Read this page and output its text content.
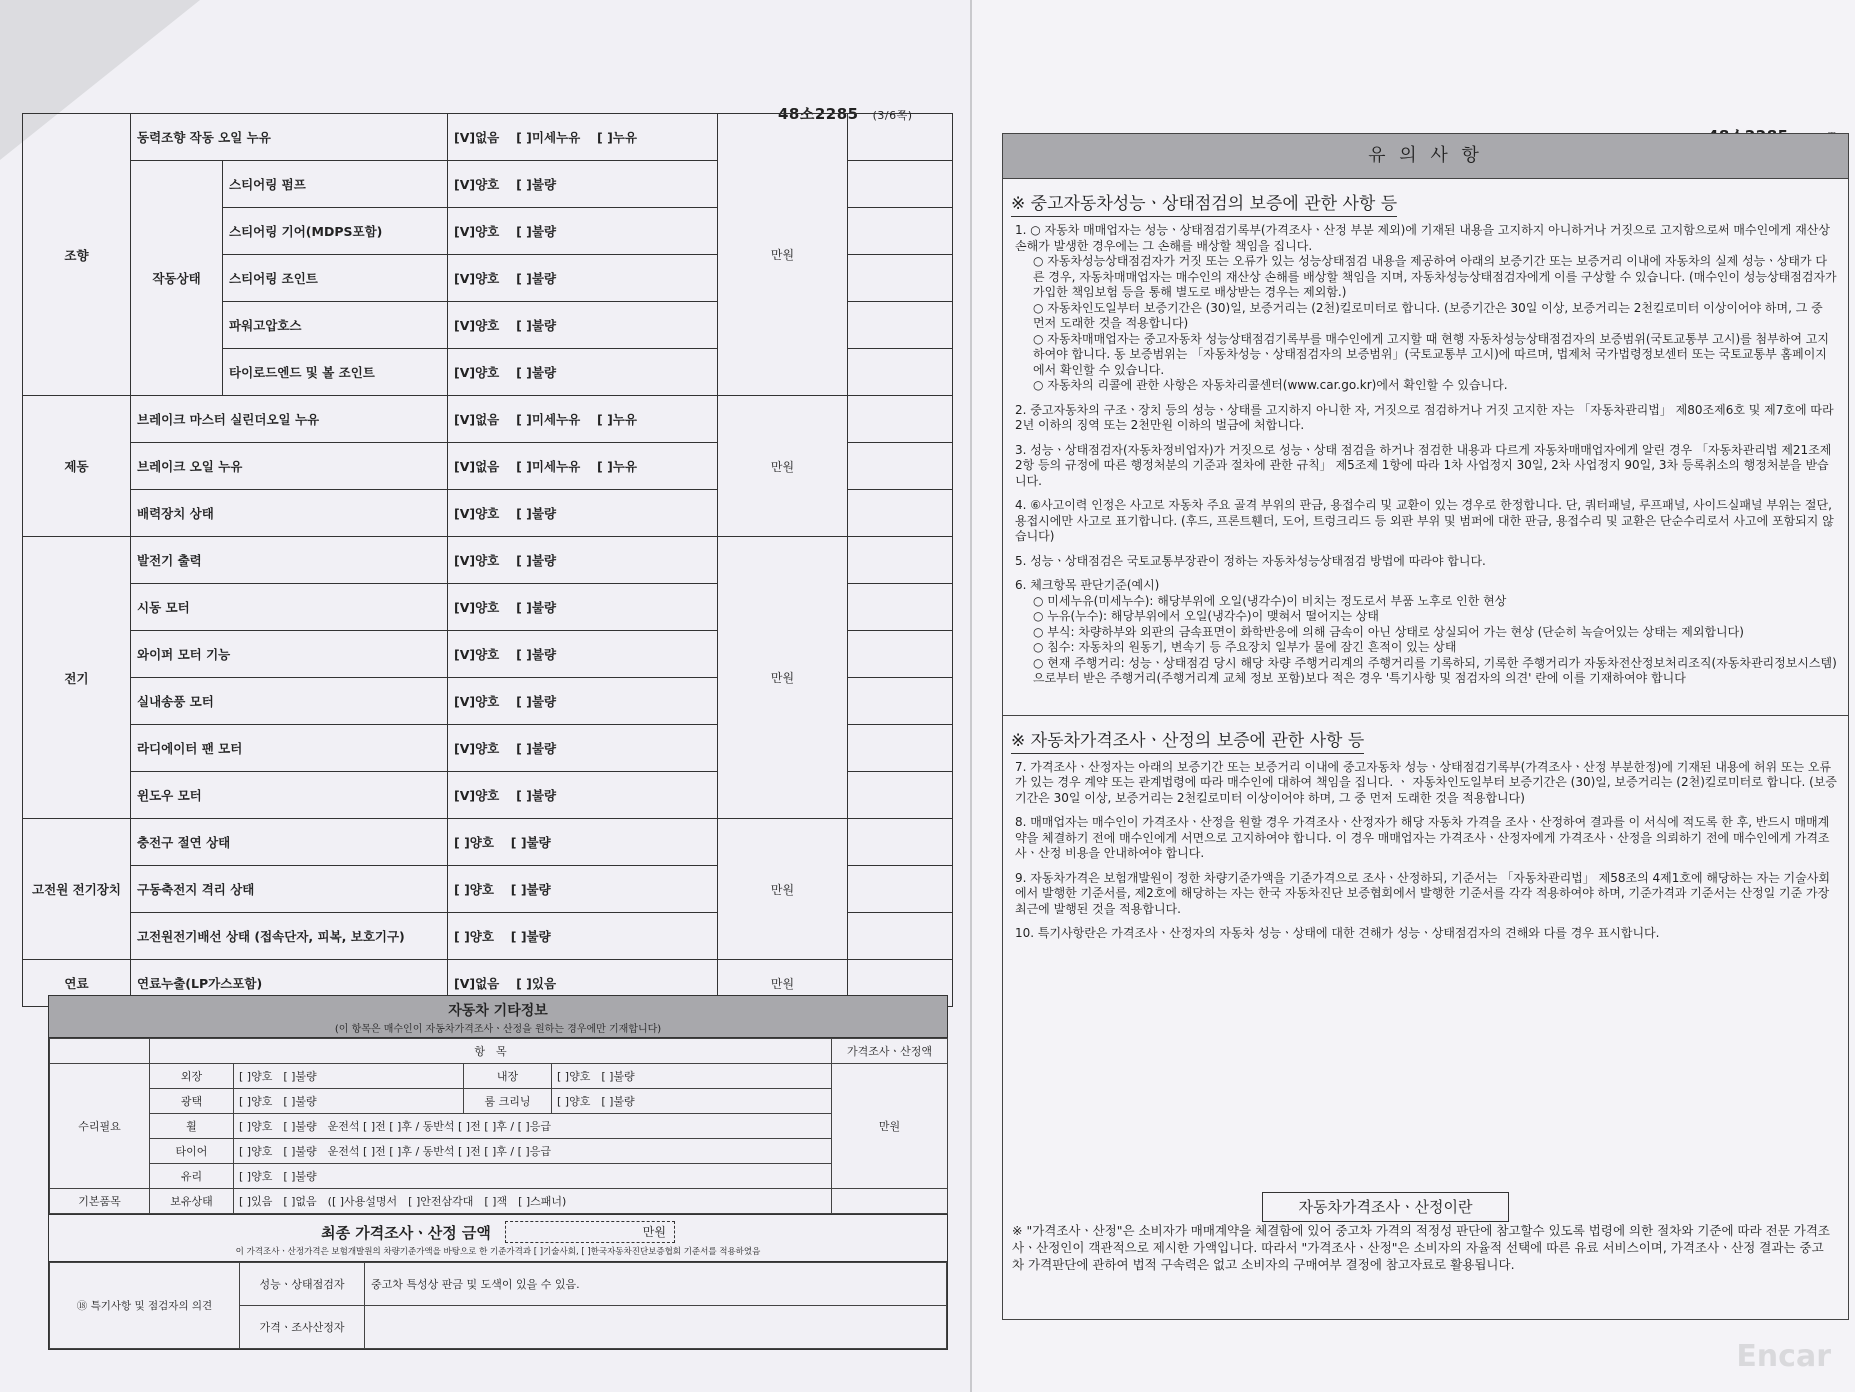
48소2285 (3/6쪽)
조향	동력조향 작동 오일 누유		[V]없음　 [ ]미세누유　 [ ]누유	만원	
	작동상태	스티어링 펌프	[V]양호　 [ ]불량		
		스티어링 기어(MDPS포함)	[V]양호　 [ ]불량		
		스티어링 조인트	[V]양호　 [ ]불량		
		파워고압호스	[V]양호　 [ ]불량		
		타이로드엔드 및 볼 조인트	[V]양호　 [ ]불량		
제동	브레이크 마스터 실린더오일 누유		[V]없음　 [ ]미세누유　 [ ]누유	만원	
	브레이크 오일 누유		[V]없음　 [ ]미세누유　 [ ]누유		
	배력장치 상태		[V]양호　 [ ]불량		
전기	발전기 출력		[V]양호　 [ ]불량	만원	
	시동 모터		[V]양호　 [ ]불량		
	와이퍼 모터 기능		[V]양호　 [ ]불량		
	실내송풍 모터		[V]양호　 [ ]불량		
	라디에이터 팬 모터		[V]양호　 [ ]불량		
	윈도우 모터		[V]양호　 [ ]불량		
고전원 전기장치	충전구 절연 상태		[ ]양호　 [ ]불량	만원	
	구동축전지 격리 상태		[ ]양호　 [ ]불량		
	고전원전기배선 상태 (접속단자, 피복, 보호기구)		[ ]양호　 [ ]불량		
연료	연료누출(LP가스포함)		[V]없음　 [ ]있음	만원	
자동차 기타정보
(이 항목은 매수인이 자동차가격조사ㆍ산정을 원하는 경우에만 기재합니다)
	항　목				가격조사ㆍ산정액
수리필요	외장	[ ]양호　[ ]불량	내장	[ ]양호　[ ]불량	만원
	광택	[ ]양호　[ ]불량	룸 크리닝	[ ]양호　[ ]불량	
	휠	[ ]양호　[ ]불량　운전석 [ ]전 [ ]후 / 동반석 [ ]전 [ ]후 / [ ]응급			
	타이어	[ ]양호　[ ]불량　운전석 [ ]전 [ ]후 / 동반석 [ ]전 [ ]후 / [ ]응급			
	유리	[ ]양호　[ ]불량			
기본품목	보유상태	[ ]있음　[ ]없음　([ ]사용설명서　[ ]안전삼각대　[ ]잭　[ ]스패너)			
최종 가격조사ㆍ산정 금액	만원
이 가격조사ㆍ산정가격은 보험개발원의 차량기준가액을 바탕으로 한 기준가격과 [ ]기술사회, [ ]한국자동차진단보증협회 기준서를 적용하였음
⑱ 특기사항 및 점검자의 의견	성능ㆍ상태점검자	중고차 특성상 판금 및 도색이 있을 수 있음.
	가격ㆍ조사산정자	
유 의 사 항
※ 중고자동차성능ㆍ상태점검의 보증에 관한 사항 등

1. ○ 자동차 매매업자는 성능ㆍ상태점검기록부(가격조사ㆍ산정 부분 제외)에 기재된 내용을 고지하지 아니하거나 거짓으로 고지함으로써 매수인에게 재산상 손해가 발생한 경우에는 그 손해를 배상할 책임을 집니다.
○ 자동차성능상태점검자가 거짓 또는 오류가 있는 성능상태점검 내용을 제공하여 아래의 보증기간 또는 보증거리 이내에 자동차의 실제 성능ㆍ상태가 다른 경우, 자동차매매업자는 매수인의 재산상 손해를 배상할 책임을 지며, 자동차성능상태점검자에게 이를 구상할 수 있습니다. (매수인이 성능상태점검자가 가입한 책임보험 등을 통해 별도로 배상받는 경우는 제외함.)
○ 자동차인도일부터 보증기간은 (30)일, 보증거리는 (2천)킬로미터로 합니다. (보증기간은 30일 이상, 보증거리는 2천킬로미터 이상이어야 하며, 그 중 먼저 도래한 것을 적용합니다)
○ 자동차매매업자는 중고자동차 성능상태점검기록부를 매수인에게 고지할 때 현행 자동차성능상태점검자의 보증범위(국토교통부 고시)를 첨부하여 고지하여야 합니다. 동 보증범위는 「자동차성능ㆍ상태점검자의 보증범위」(국토교통부 고시)에 따르며, 법제처 국가법령정보센터 또는 국토교통부 홈페이지에서 확인할 수 있습니다.
○ 자동차의 리콜에 관한 사항은 자동차리콜센터(www.car.go.kr)에서 확인할 수 있습니다.

2. 중고자동차의 구조ㆍ장치 등의 성능ㆍ상태를 고지하지 아니한 자, 거짓으로 점검하거나 거짓 고지한 자는 「자동차관리법」 제80조제6호 및 제7호에 따라 2년 이하의 징역 또는 2천만원 이하의 벌금에 처합니다.

3. 성능ㆍ상태점검자(자동차정비업자)가 거짓으로 성능ㆍ상태 점검을 하거나 점검한 내용과 다르게 자동차매매업자에게 알린 경우 「자동차관리법 제21조제2항 등의 규정에 따른 행정처분의 기준과 절차에 관한 규칙」 제5조제 1항에 따라 1차 사업정지 30일, 2차 사업정지 90일, 3차 등록취소의 행정처분을 받습니다.

4. ⑥사고이력 인정은 사고로 자동차 주요 골격 부위의 판금, 용접수리 및 교환이 있는 경우로 한정합니다. 단, 쿼터패널, 루프패널, 사이드실패널 부위는 절단, 용접시에만 사고로 표기합니다. (후드, 프론트휀더, 도어, 트렁크리드 등 외판 부위 및 범퍼에 대한 판금, 용접수리 및 교환은 단순수리로서 사고에 포함되지 않습니다)

5. 성능ㆍ상태점검은 국토교통부장관이 정하는 자동차성능상태점검 방법에 따라야 합니다.

6. 체크항목 판단기준(예시)
○ 미세누유(미세누수): 해당부위에 오일(냉각수)이 비치는 정도로서 부품 노후로 인한 현상
○ 누유(누수): 해당부위에서 오일(냉각수)이 맺혀서 떨어지는 상태
○ 부식: 차량하부와 외판의 금속표면이 화학반응에 의해 금속이 아닌 상태로 상실되어 가는 현상 (단순히 녹슬어있는 상태는 제외합니다)
○ 침수: 자동차의 원동기, 변속기 등 주요장치 일부가 물에 잠긴 흔적이 있는 상태
○ 현재 주행거리: 성능ㆍ상태점검 당시 해당 차량 주행거리계의 주행거리를 기록하되, 기록한 주행거리가 자동차전산정보처리조직(자동차관리정보시스템)으로부터 받은 주행거리(주행거리계 교체 정보 포함)보다 적은 경우 '특기사항 및 점검자의 의견' 란에 이를 기재하여야 합니다

※ 자동차가격조사ㆍ산정의 보증에 관한 사항 등

7. 가격조사ㆍ산정자는 아래의 보증기간 또는 보증거리 이내에 중고자동차 성능ㆍ상태점검기록부(가격조사ㆍ산정 부분한정)에 기재된 내용에 허위 또는 오류가 있는 경우 계약 또는 관계법령에 따라 매수인에 대하여 책임을 집니다. ㆍ 자동차인도일부터 보증기간은 (30)일, 보증거리는 (2천)킬로미터로 합니다. (보증기간은 30일 이상, 보증거리는 2천킬로미터 이상이어야 하며, 그 중 먼저 도래한 것을 적용합니다)

8. 매매업자는 매수인이 가격조사ㆍ산정을 원할 경우 가격조사ㆍ산정자가 해당 자동차 가격을 조사ㆍ산정하여 결과를 이 서식에 적도록 한 후, 반드시 매매계약을 체결하기 전에 매수인에게 서면으로 고지하여야 합니다. 이 경우 매매업자는 가격조사ㆍ산정자에게 가격조사ㆍ산정을 의뢰하기 전에 매수인에게 가격조사ㆍ산정 비용을 안내하여야 합니다.

9. 자동차가격은 보험개발원이 정한 차량기준가액을 기준가격으로 조사ㆍ산정하되, 기준서는 「자동차관리법」 제58조의 4제1호에 해당하는 자는 기술사회에서 발행한 기준서를, 제2호에 해당하는 자는 한국 자동차진단 보증협회에서 발행한 기준서를 각각 적용하여야 하며, 기준가격과 기준서는 산정일 기준 가장 최근에 발행된 것을 적용합니다.

10. 특기사항란은 가격조사ㆍ산정자의 자동차 성능ㆍ상태에 대한 견해가 성능ㆍ상태점검자의 견해와 다를 경우 표시합니다.

자동차가격조사ㆍ산정이란
※ "가격조사ㆍ산정"은 소비자가 매매계약을 체결함에 있어 중고차 가격의 적정성 판단에 참고할수 있도록 법령에 의한 절차와 기준에 따라 전문 가격조사ㆍ산정인이 객관적으로 제시한 가액입니다. 따라서 "가격조사ㆍ산정"은 소비자의 자율적 선택에 따른 유료 서비스이며, 가격조사ㆍ산정 결과는 중고차 가격판단에 관하여 법적 구속력은 없고 소비자의 구매여부 결정에 참고자료로 활용됩니다.
Encar
